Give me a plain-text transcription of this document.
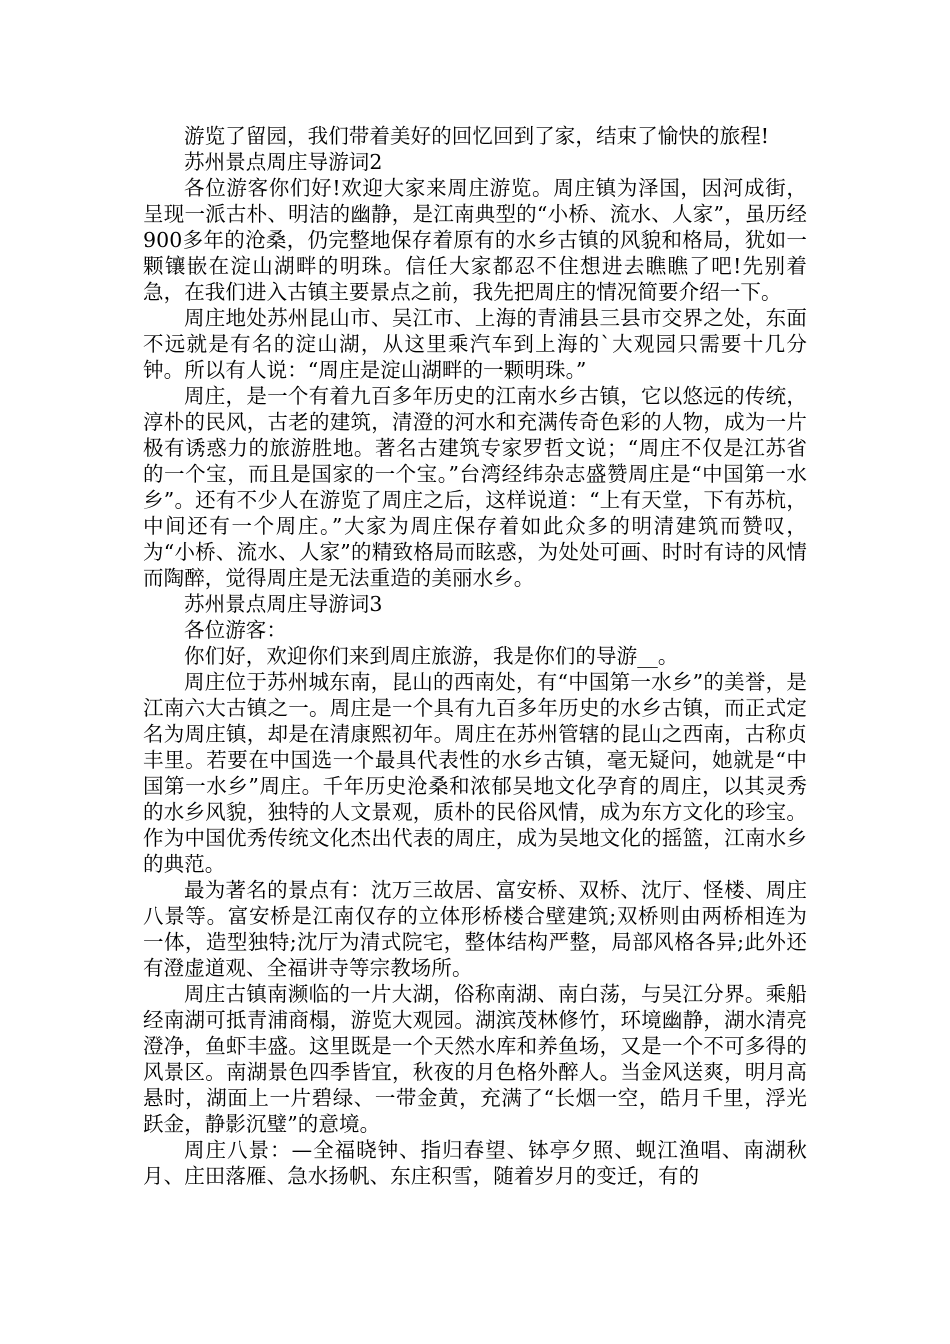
游览了留园，我们带着美好的回忆回到了家，结束了愉快的旅程!

苏州景点周庄导游词2

各位游客你们好!欢迎大家来周庄游览。周庄镇为泽国，因河成街，呈现一派古朴、明洁的幽静，是江南典型的“小桥、流水、人家”，虽历经900多年的沧桑，仍完整地保存着原有的水乡古镇的风貌和格局，犹如一颗镶嵌在淀山湖畔的明珠。信任大家都忍不住想进去瞧瞧了吧!先别着急，在我们进入古镇主要景点之前，我先把周庄的情况简要介绍一下。

周庄地处苏州昆山市、吴江市、上海的青浦县三县市交界之处，东面不远就是有名的淀山湖，从这里乘汽车到上海的`大观园只需要十几分钟。所以有人说：“周庄是淀山湖畔的一颗明珠。”

周庄，是一个有着九百多年历史的江南水乡古镇，它以悠远的传统，淳朴的民风，古老的建筑，清澄的河水和充满传奇色彩的人物，成为一片极有诱惑力的旅游胜地。著名古建筑专家罗哲文说；“周庄不仅是江苏省的一个宝，而且是国家的一个宝。”台湾经纬杂志盛赞周庄是“中国第一水乡”。还有不少人在游览了周庄之后，这样说道：“上有天堂，下有苏杭，中间还有一个周庄。”大家为周庄保存着如此众多的明清建筑而赞叹，为“小桥、流水、人家”的精致格局而眩惑，为处处可画、时时有诗的风情而陶醉，觉得周庄是无法重造的美丽水乡。

苏州景点周庄导游词3

各位游客：

你们好，欢迎你们来到周庄旅游，我是你们的导游__。

周庄位于苏州城东南，昆山的西南处，有“中国第一水乡”的美誉，是江南六大古镇之一。周庄是一个具有九百多年历史的水乡古镇，而正式定名为周庄镇，却是在清康熙初年。周庄在苏州管辖的昆山之西南，古称贞丰里。若要在中国选一个最具代表性的水乡古镇，毫无疑问，她就是“中国第一水乡”周庄。千年历史沧桑和浓郁吴地文化孕育的周庄，以其灵秀的水乡风貌，独特的人文景观，质朴的民俗风情，成为东方文化的珍宝。作为中国优秀传统文化杰出代表的周庄，成为吴地文化的摇篮，江南水乡的典范。

最为著名的景点有：沈万三故居、富安桥、双桥、沈厅、怪楼、周庄八景等。富安桥是江南仅存的立体形桥楼合壁建筑;双桥则由两桥相连为一体，造型独特;沈厅为清式院宅，整体结构严整，局部风格各异;此外还有澄虚道观、全福讲寺等宗教场所。

周庄古镇南濒临的一片大湖，俗称南湖、南白荡，与吴江分界。乘船经南湖可抵青浦商榻，游览大观园。湖滨茂林修竹，环境幽静，湖水清亮澄净，鱼虾丰盛。这里既是一个天然水库和养鱼场，又是一个不可多得的风景区。南湖景色四季皆宜，秋夜的月色格外醉人。当金风送爽，明月高悬时，湖面上一片碧绿、一带金黄，充满了“长烟一空，皓月千里，浮光跃金，静影沉璧”的意境。

周庄八景：—全福晓钟、指归春望、钵亭夕照、蚬江渔唱、南湖秋月、庄田落雁、急水扬帆、东庄积雪，随着岁月的变迁，有的
